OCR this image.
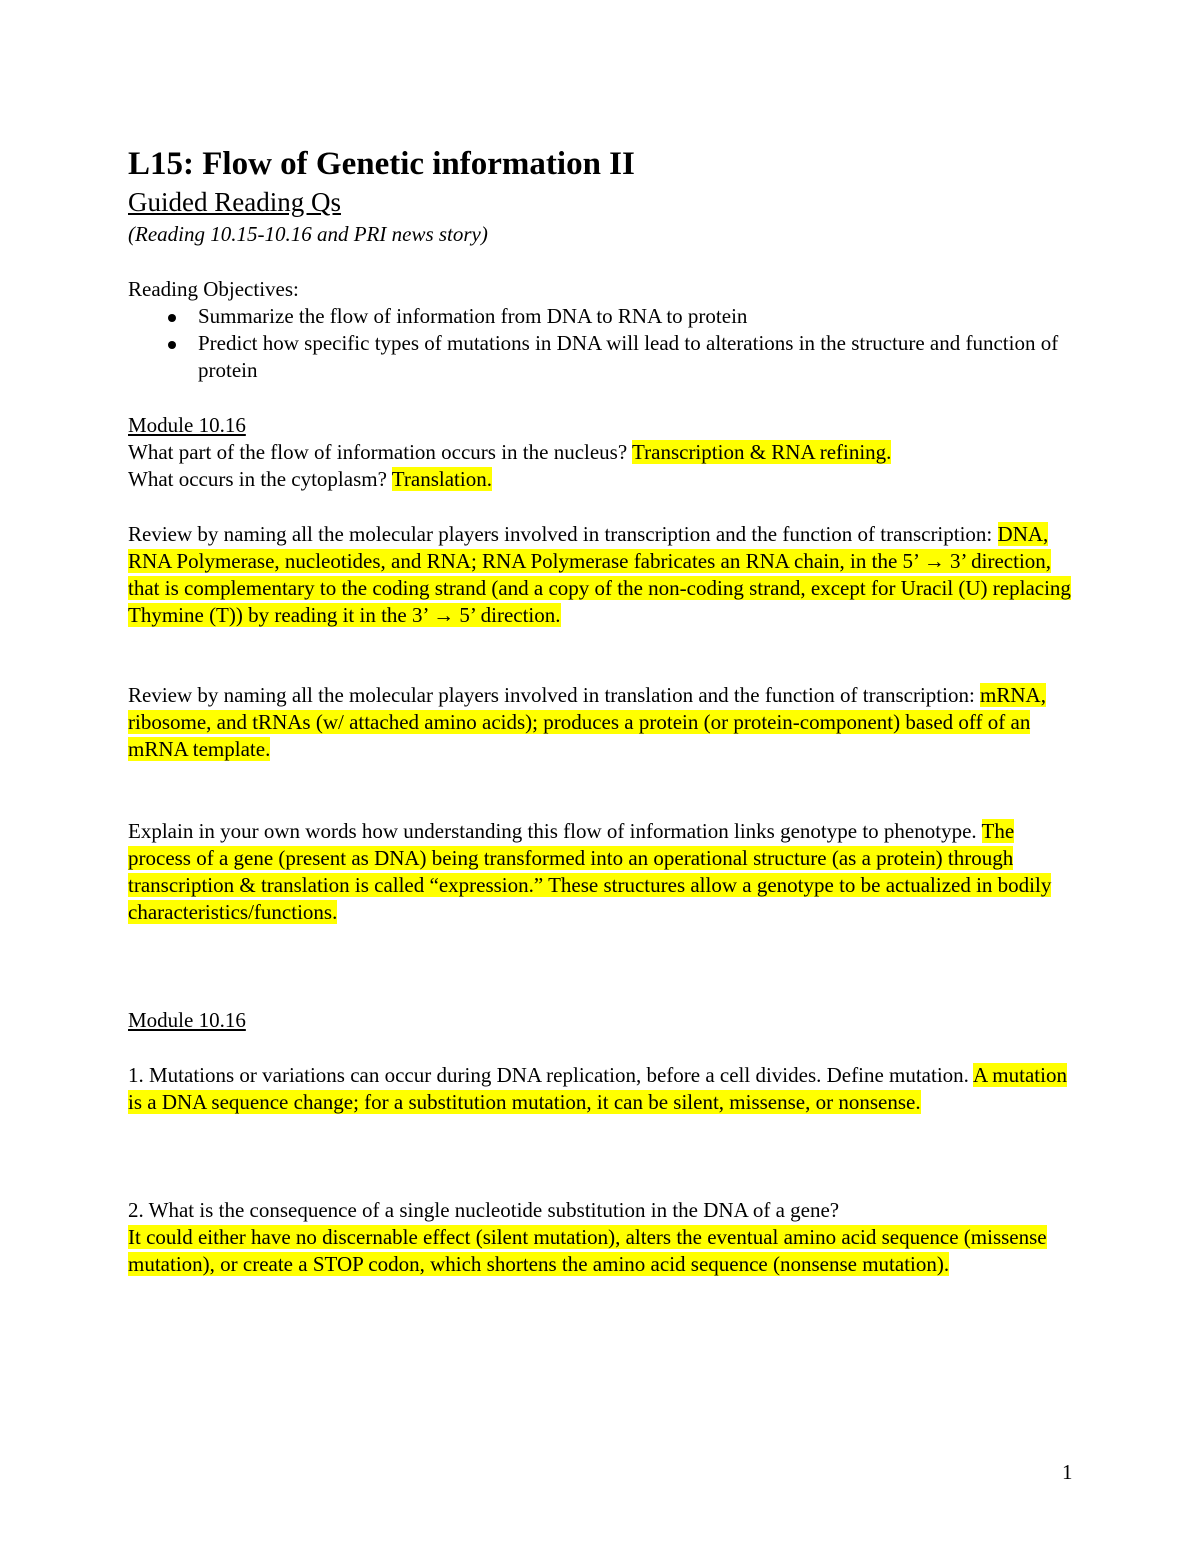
L15: Flow of Genetic information II
Guided Reading Qs
(Reading 10.15-10.16 and PRI news story)
Reading Objectives:
Summarize the flow of information from DNA to RNA to protein
Predict how specific types of mutations in DNA will lead to alterations in the structure and function of protein
Module 10.16
What part of the flow of information occurs in the nucleus? Transcription & RNA refining.
What occurs in the cytoplasm? Translation.
Review by naming all the molecular players involved in transcription and the function of transcription: DNA, RNA Polymerase, nucleotides, and RNA; RNA Polymerase fabricates an RNA chain, in the 5’ → 3’ direction, that is complementary to the coding strand (and a copy of the non-coding strand, except for Uracil (U) replacing Thymine (T)) by reading it in the 3’ → 5’ direction.
Review by naming all the molecular players involved in translation and the function of transcription: mRNA, ribosome, and tRNAs (w/ attached amino acids); produces a protein (or protein-component) based off of an mRNA template.
Explain in your own words how understanding this flow of information links genotype to phenotype. The process of a gene (present as DNA) being transformed into an operational structure (as a protein) through transcription & translation is called “expression.” These structures allow a genotype to be actualized in bodily characteristics/functions.
Module 10.16
1. Mutations or variations can occur during DNA replication, before a cell divides. Define mutation. A mutation is a DNA sequence change; for a substitution mutation, it can be silent, missense, or nonsense.
2. What is the consequence of a single nucleotide substitution in the DNA of a gene?
It could either have no discernable effect (silent mutation), alters the eventual amino acid sequence (missense mutation), or create a STOP codon, which shortens the amino acid sequence (nonsense mutation).
1
